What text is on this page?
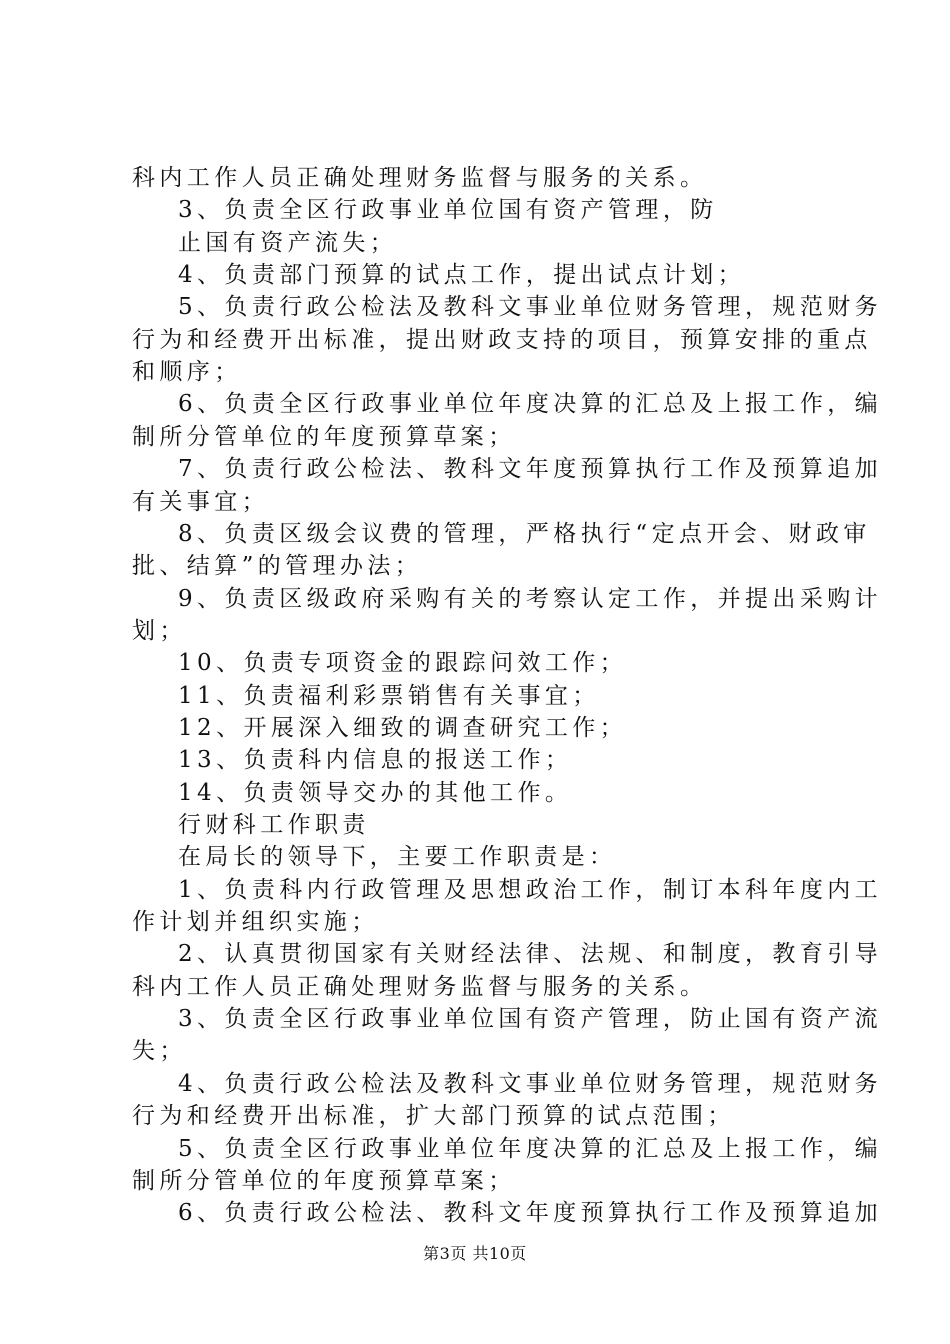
科内工作人员正确处理财务监督与服务的关系。
3、负责全区行政事业单位国有资产管理，防
止国有资产流失；
4、负责部门预算的试点工作，提出试点计划；
5、负责行政公检法及教科文事业单位财务管理，规范财务
行为和经费开出标准，提出财政支持的项目，预算安排的重点
和顺序；
6、负责全区行政事业单位年度决算的汇总及上报工作，编
制所分管单位的年度预算草案；
7、负责行政公检法、教科文年度预算执行工作及预算追加
有关事宜；
8、负责区级会议费的管理，严格执行“定点开会、财政审
批、结算”的管理办法；
9、负责区级政府采购有关的考察认定工作，并提出采购计
划；
10、负责专项资金的跟踪问效工作；
11、负责福利彩票销售有关事宜；
12、开展深入细致的调查研究工作；
13、负责科内信息的报送工作；
14、负责领导交办的其他工作。
行财科工作职责
在局长的领导下，主要工作职责是：
1、负责科内行政管理及思想政治工作，制订本科年度内工
作计划并组织实施；
2、认真贯彻国家有关财经法律、法规、和制度，教育引导
科内工作人员正确处理财务监督与服务的关系。
3、负责全区行政事业单位国有资产管理，防止国有资产流
失；
4、负责行政公检法及教科文事业单位财务管理，规范财务
行为和经费开出标准，扩大部门预算的试点范围；
5、负责全区行政事业单位年度决算的汇总及上报工作，编
制所分管单位的年度预算草案；
6、负责行政公检法、教科文年度预算执行工作及预算追加
第3页 共10页
